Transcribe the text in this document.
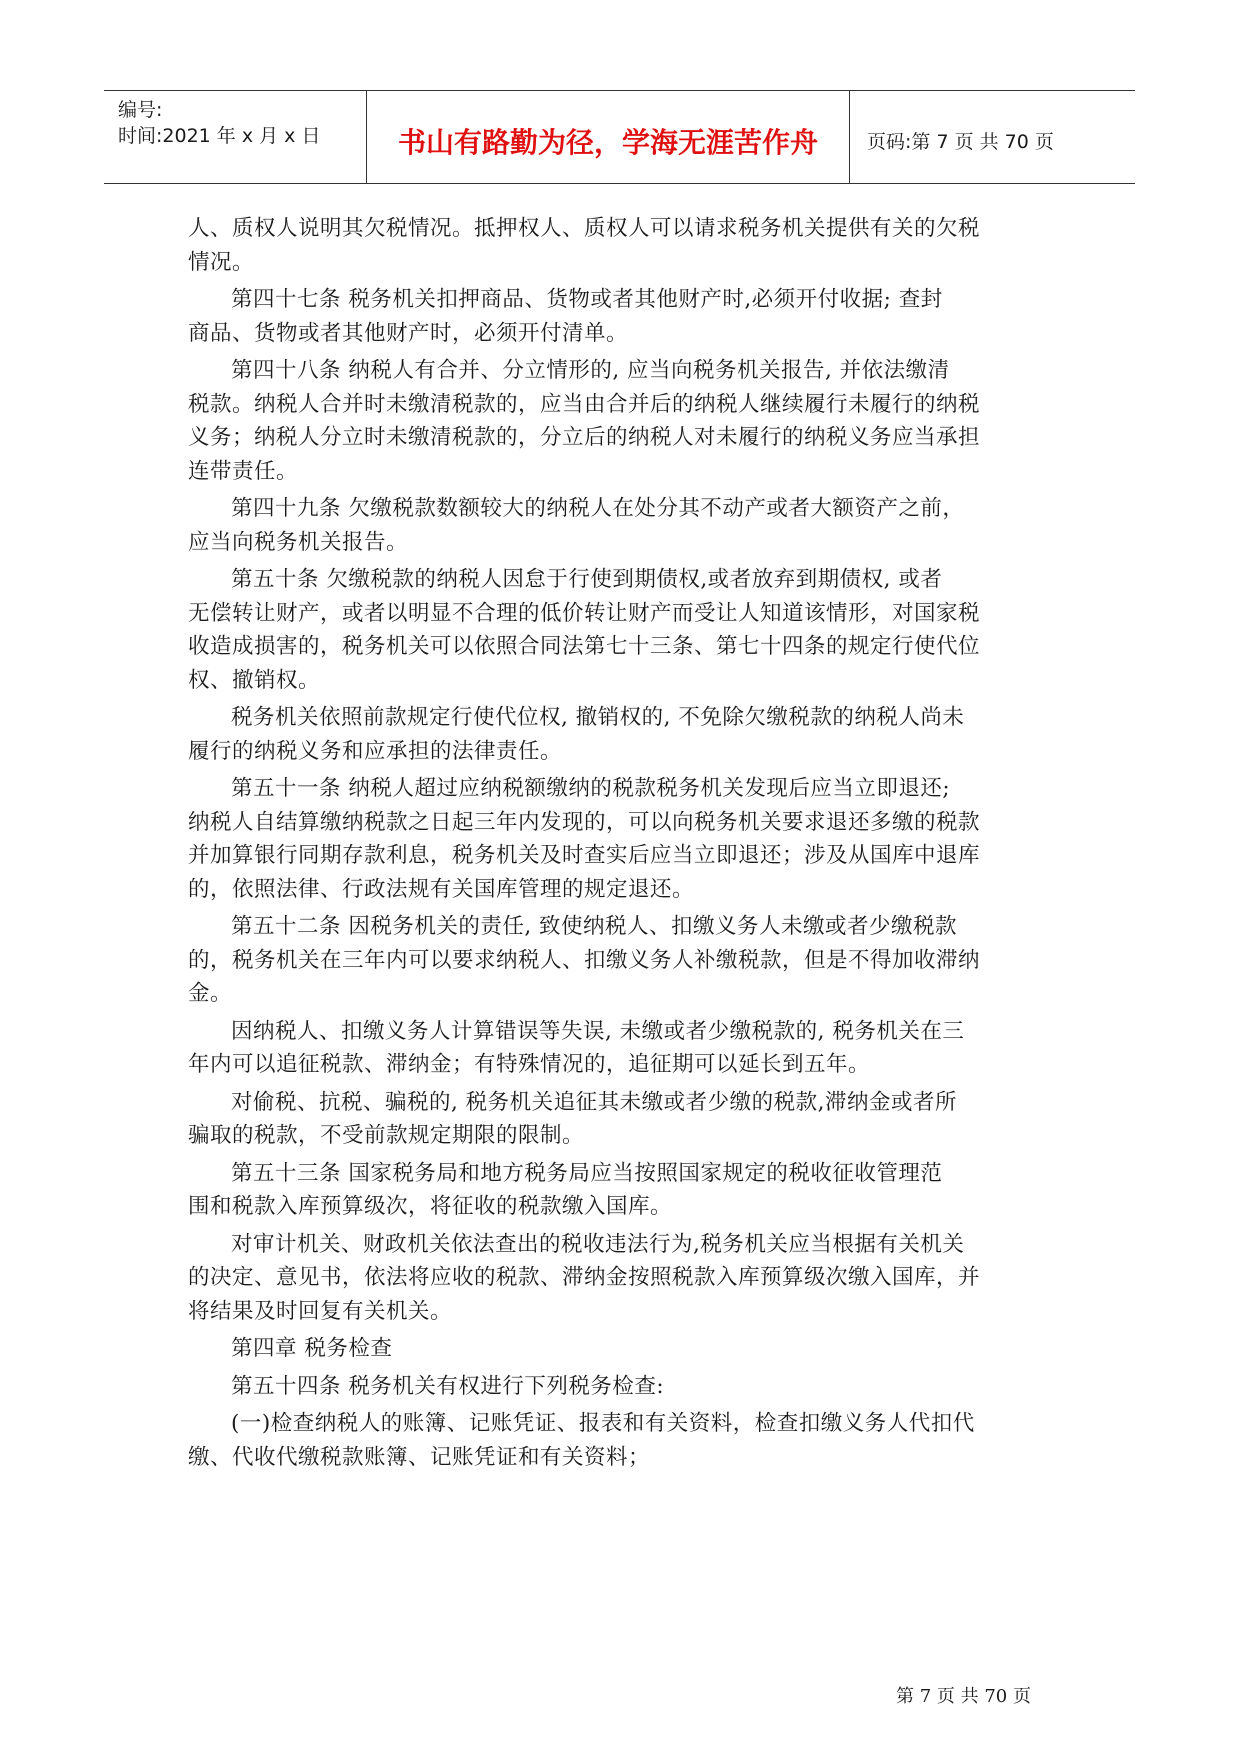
编号:
时间:2021 年 x 月 x 日	书山有路勤为径，学海无涯苦作舟	页码:第 7 页 共 70 页
人、质权人说明其欠税情况。抵押权人、质权人可以请求税务机关提供有关的欠税
情况。
第四十七条 税务机关扣押商品、货物或者其他财产时,必须开付收据; 查封
商品、货物或者其他财产时，必须开付清单。
第四十八条 纳税人有合并、分立情形的, 应当向税务机关报告, 并依法缴清
税款。纳税人合并时未缴清税款的，应当由合并后的纳税人继续履行未履行的纳税
义务；纳税人分立时未缴清税款的，分立后的纳税人对未履行的纳税义务应当承担
连带责任。
第四十九条 欠缴税款数额较大的纳税人在处分其不动产或者大额资产之前，
应当向税务机关报告。
第五十条 欠缴税款的纳税人因怠于行使到期债权,或者放弃到期债权, 或者
无偿转让财产，或者以明显不合理的低价转让财产而受让人知道该情形，对国家税
收造成损害的，税务机关可以依照合同法第七十三条、第七十四条的规定行使代位
权、撤销权。
税务机关依照前款规定行使代位权, 撤销权的, 不免除欠缴税款的纳税人尚未
履行的纳税义务和应承担的法律责任。
第五十一条 纳税人超过应纳税额缴纳的税款税务机关发现后应当立即退还;
纳税人自结算缴纳税款之日起三年内发现的，可以向税务机关要求退还多缴的税款
并加算银行同期存款利息，税务机关及时查实后应当立即退还；涉及从国库中退库
的，依照法律、行政法规有关国库管理的规定退还。
第五十二条 因税务机关的责任, 致使纳税人、扣缴义务人未缴或者少缴税款
的，税务机关在三年内可以要求纳税人、扣缴义务人补缴税款，但是不得加收滞纳
金。
因纳税人、扣缴义务人计算错误等失误, 未缴或者少缴税款的, 税务机关在三
年内可以追征税款、滞纳金；有特殊情况的，追征期可以延长到五年。
对偷税、抗税、骗税的, 税务机关追征其未缴或者少缴的税款,滞纳金或者所
骗取的税款，不受前款规定期限的限制。
第五十三条 国家税务局和地方税务局应当按照国家规定的税收征收管理范
围和税款入库预算级次，将征收的税款缴入国库。
对审计机关、财政机关依法查出的税收违法行为,税务机关应当根据有关机关
的决定、意见书，依法将应收的税款、滞纳金按照税款入库预算级次缴入国库，并
将结果及时回复有关机关。
第四章 税务检查
第五十四条 税务机关有权进行下列税务检查:
(一)检查纳税人的账簿、记账凭证、报表和有关资料，检查扣缴义务人代扣代
缴、代收代缴税款账簿、记账凭证和有关资料；
第 7 页 共 70 页
